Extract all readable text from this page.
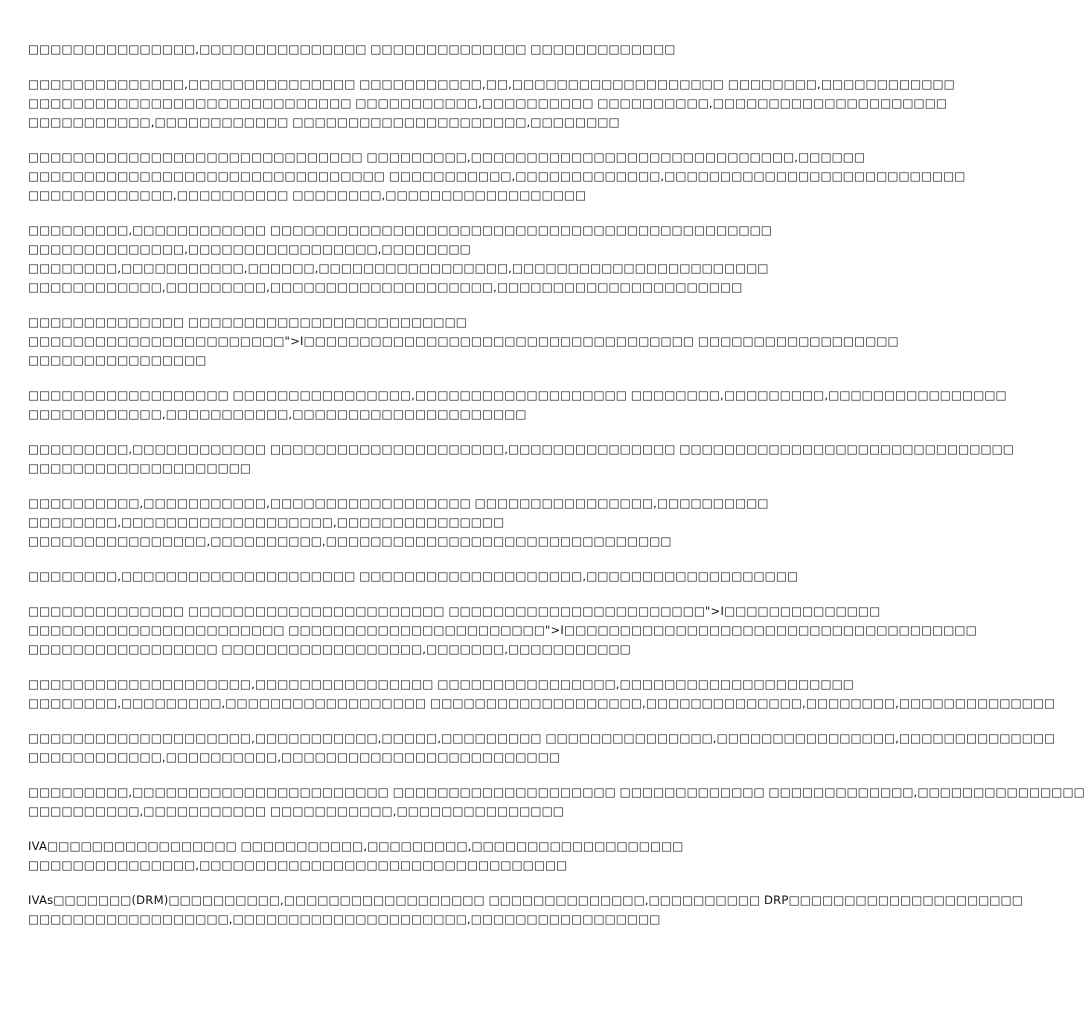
□□□□□□□□□□□□□□□,□□□□□□□□□□□□□□□ □□□□□□□□□□□□□□ □□□□□□□□□□□□□
□□□□□□□□□□□□□□,□□□□□□□□□□□□□□□ □□□□□□□□□□□,□□,□□□□□□□□□□□□□□□□□□□ □□□□□□□□,□□□□□□□□□□□□
□□□□□□□□□□□□□□□□□□□□□□□□□□□□□ □□□□□□□□□□□,□□□□□□□□□□ □□□□□□□□□□,□□□□□□□□□□□□□□□□□□□□□
□□□□□□□□□□□,□□□□□□□□□□□□ □□□□□□□□□□□□□□□□□□□□□,□□□□□□□□
□□□□□□□□□□□□□□□□□□□□□□□□□□□□□□ □□□□□□□□□,□□□□□□□□□□□□□□□□□□□□□□□□□□□□□,□□□□□□
□□□□□□□□□□□□□□□□□□□□□□□□□□□□□□□□ □□□□□□□□□□□,□□□□□□□□□□□□□,□□□□□□□□□□□□□□□□□□□□□□□□□□□
□□□□□□□□□□□□□,□□□□□□□□□□ □□□□□□□□,□□□□□□□□□□□□□□□□□□
□□□□□□□□□,□□□□□□□□□□□□ □□□□□□□□□□□□□□□□□□□□□□□□□□□□□□□□□□□□□□□□□□□□□
□□□□□□□□□□□□□□,□□□□□□□□□□□□□□□□□,□□□□□□□□
□□□□□□□□,□□□□□□□□□□□,□□□□□□,□□□□□□□□□□□□□□□□□,□□□□□□□□□□□□□□□□□□□□□□□
□□□□□□□□□□□□,□□□□□□□□□,□□□□□□□□□□□□□□□□□□□□,□□□□□□□□□□□□□□□□□□□□□□
□□□□□□□□□□□□□□ □□□□□□□□□□□□□□□□□□□□□□□□□
□□□□□□□□□□□□□□□□□□□□□□□">I□□□□□□□□□□□□□□□□□□□□□□□□□□□□□□□□□□□ □□□□□□□□□□□□□□□□□□
□□□□□□□□□□□□□□□□
□□□□□□□□□□□□□□□□□□ □□□□□□□□□□□□□□□□,□□□□□□□□□□□□□□□□□□□ □□□□□□□□,□□□□□□□□□,□□□□□□□□□□□□□□□□
□□□□□□□□□□□□,□□□□□□□□□□□,□□□□□□□□□□□□□□□□□□□□□
□□□□□□□□□,□□□□□□□□□□□□ □□□□□□□□□□□□□□□□□□□□□,□□□□□□□□□□□□□□□ □□□□□□□□□□□□□□□□□□□□□□□□□□□□□□
□□□□□□□□□□□□□□□□□□□□
□□□□□□□□□□,□□□□□□□□□□□,□□□□□□□□□□□□□□□□□□ □□□□□□□□□□□□□□□□,□□□□□□□□□□
□□□□□□□□,□□□□□□□□□□□□□□□□□□□,□□□□□□□□□□□□□□□
□□□□□□□□□□□□□□□□,□□□□□□□□□□,□□□□□□□□□□□□□□□□□□□□□□□□□□□□□□□
□□□□□□□□,□□□□□□□□□□□□□□□□□□□□□ □□□□□□□□□□□□□□□□□□□□,□□□□□□□□□□□□□□□□□□□
□□□□□□□□□□□□□□ □□□□□□□□□□□□□□□□□□□□□□□ □□□□□□□□□□□□□□□□□□□□□□□">I□□□□□□□□□□□□□□
□□□□□□□□□□□□□□□□□□□□□□□ □□□□□□□□□□□□□□□□□□□□□□□">I□□□□□□□□□□□□□□□□□□□□□□□□□□□□□□□□□□□□□
□□□□□□□□□□□□□□□□□ □□□□□□□□□□□□□□□□□□,□□□□□□□,□□□□□□□□□□□
□□□□□□□□□□□□□□□□□□□□,□□□□□□□□□□□□□□□□ □□□□□□□□□□□□□□□□,□□□□□□□□□□□□□□□□□□□□□
□□□□□□□□,□□□□□□□□□,□□□□□□□□□□□□□□□□□□ □□□□□□□□□□□□□□□□□□□,□□□□□□□□□□□□□□,□□□□□□□□,□□□□□□□□□□□□□□
□□□□□□□□□□□□□□□□□□□□,□□□□□□□□□□□,□□□□□,□□□□□□□□□ □□□□□□□□□□□□□□□,□□□□□□□□□□□□□□□□,□□□□□□□□□□□□□□
□□□□□□□□□□□□,□□□□□□□□□□,□□□□□□□□□□□□□□□□□□□□□□□□□
□□□□□□□□□,□□□□□□□□□□□□□□□□□□□□□□□ □□□□□□□□□□□□□□□□□□□□ □□□□□□□□□□□□□ □□□□□□□□□□□□□,□□□□□□□□□□□□□□□
□□□□□□□□□□,□□□□□□□□□□□ □□□□□□□□□□□,□□□□□□□□□□□□□□□
IVA□□□□□□□□□□□□□□□□□ □□□□□□□□□□□,□□□□□□□□□,□□□□□□□□□□□□□□□□□□□
□□□□□□□□□□□□□□□,□□□□□□□□□□□□□□□□□□□□□□□□□□□□□□□□□
IVAs□□□□□□□(DRM)□□□□□□□□□□,□□□□□□□□□□□□□□□□□□ □□□□□□□□□□□□□□,□□□□□□□□□□ DRP□□□□□□□□□□□□□□□□□□□□□
□□□□□□□□□□□□□□□□□□,□□□□□□□□□□□□□□□□□□□□□,□□□□□□□□□□□□□□□□□
